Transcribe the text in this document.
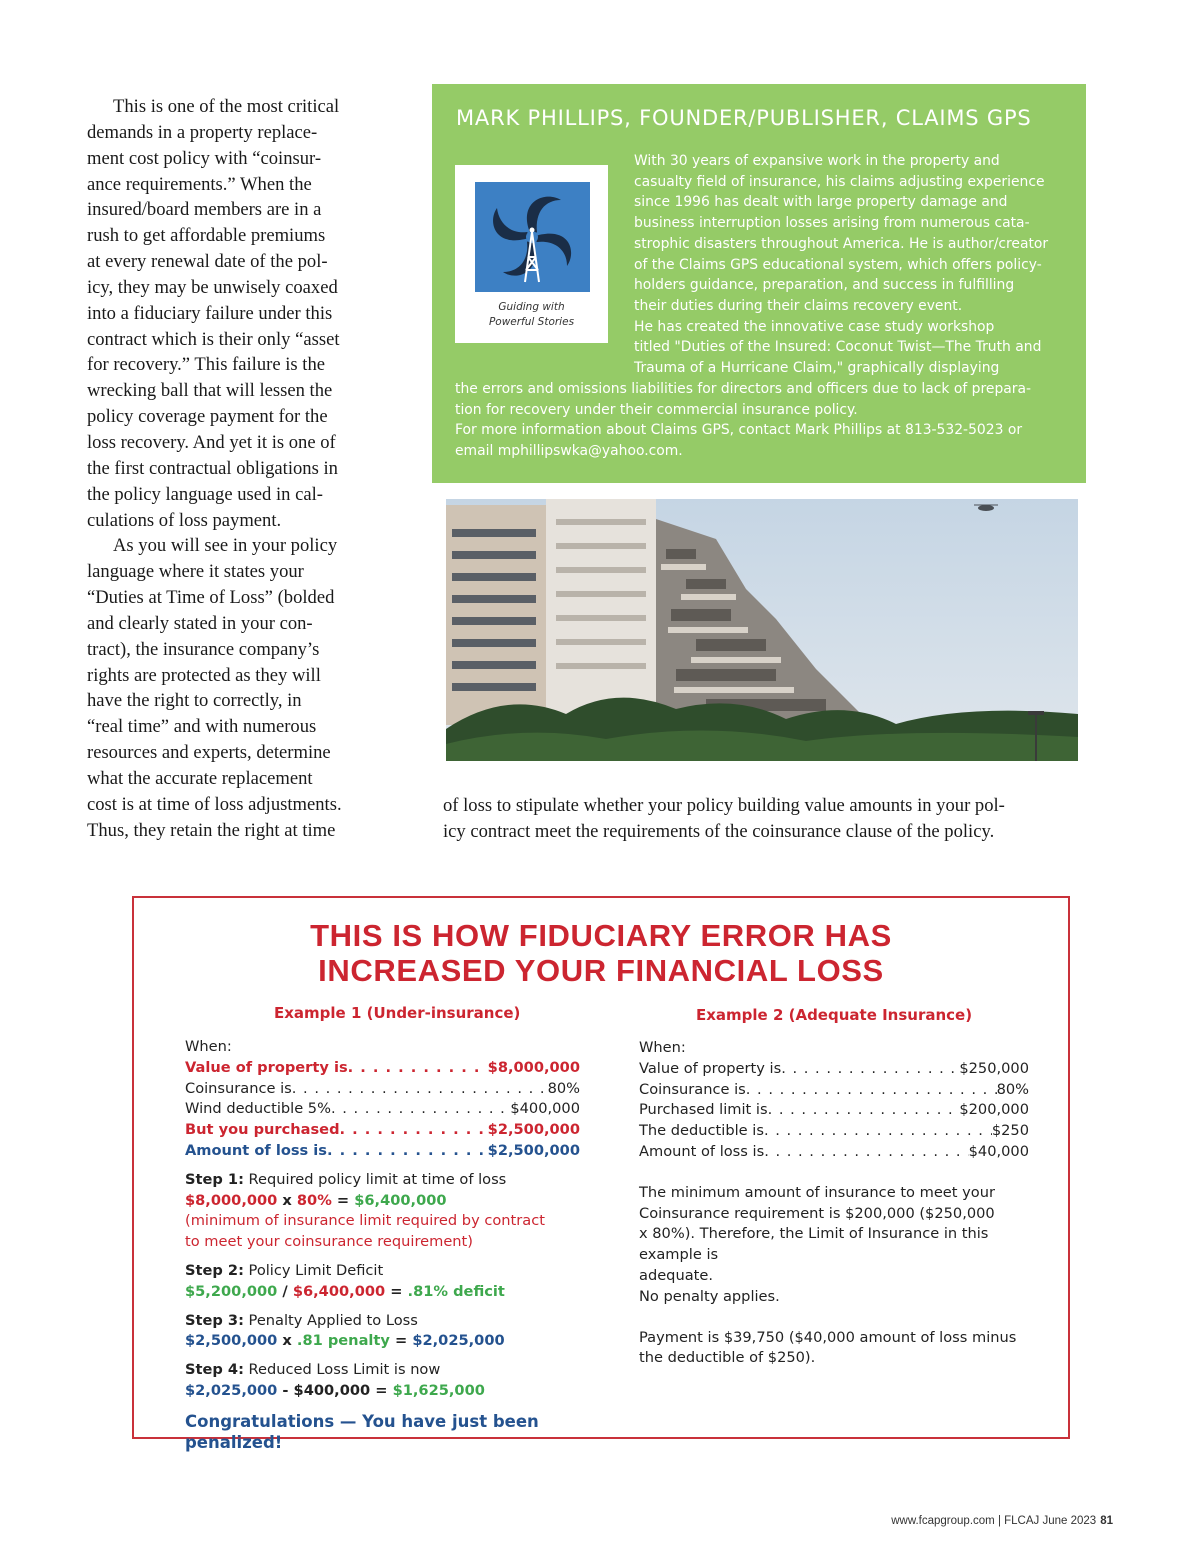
This is one of the most critical
demands in a property replace-
ment cost policy with “coinsur-
ance requirements.” When the
insured/board members are in a
rush to get affordable premiums
at every renewal date of the pol-
icy, they may be unwisely coaxed
into a fiduciary failure under this
contract which is their only “asset
for recovery.” This failure is the
wrecking ball that will lessen the
policy coverage payment for the
loss recovery. And yet it is one of
the first contractual obligations in
the policy language used in cal-
culations of loss payment.

As you will see in your policy
language where it states your
“Duties at Time of Loss” (bolded
and clearly stated in your con-
tract), the insurance company’s
rights are protected as they will
have the right to correctly, in
“real time” and with numerous
resources and experts, determine
what the accurate replacement
cost is at time of loss adjustments.
Thus, they retain the right at time

MARK PHILLIPS, FOUNDER/PUBLISHER, CLAIMS GPS
Guiding with
Powerful Stories
With 30 years of expansive work in the property and
casualty field of insurance, his claims adjusting experience
since 1996 has dealt with large property damage and
business interruption losses arising from numerous cata-
strophic disasters throughout America. He is author/creator
of the Claims GPS educational system, which offers policy-
holders guidance, preparation, and success in fulfilling
their duties during their claims recovery event.
He has created the innovative case study workshop
titled "Duties of the Insured: Coconut Twist—The Truth and
Trauma of a Hurricane Claim," graphically displaying
the errors and omissions liabilities for directors and officers due to lack of prepara-
tion for recovery under their commercial insurance policy.
For more information about Claims GPS, contact Mark Phillips at 813-532-5023 or
email mphillipswka@yahoo.com.
of loss to stipulate whether your policy building value amounts in your pol-
icy contract meet the requirements of the coinsurance clause of the policy.
THIS IS HOW FIDUCIARY ERROR HAS
INCREASED YOUR FINANCIAL LOSS
Example 1 (Under-insurance)	Example 2 (Adequate Insurance)
When:
Value of property is . . .	$8,000,000
Coinsurance is . . .	80%
Wind deductible 5% . . .	$400,000
But you purchased . . .	$2,500,000
Amount of loss is . . .	$2,500,000
Step 1: Required policy limit at time of loss
$8,000,000 x 80% = $6,400,000
(minimum of insurance limit required by contract
to meet your coinsurance requirement)
Step 2: Policy Limit Deficit
$5,200,000 / $6,400,000 = .81% deficit
Step 3: Penalty Applied to Loss
$2,500,000 x .81 penalty = $2,025,000
Step 4: Reduced Loss Limit is now
$2,025,000 - $400,000 = $1,625,000
Congratulations — You have just been penalized!
When:
Value of property is . . .	$250,000
Coinsurance is . . .	80%
Purchased limit is . . .	$200,000
The deductible is . . .	$250
Amount of loss is . . .	$40,000
The minimum amount of insurance to meet your
Coinsurance requirement is $200,000 ($250,000
x 80%). Therefore, the Limit of Insurance in this
example is
adequate.
No penalty applies.
Payment is $39,750 ($40,000 amount of loss minus
the deductible of $250).
www.fcapgroup.com | FLCAJ June 2023 81
